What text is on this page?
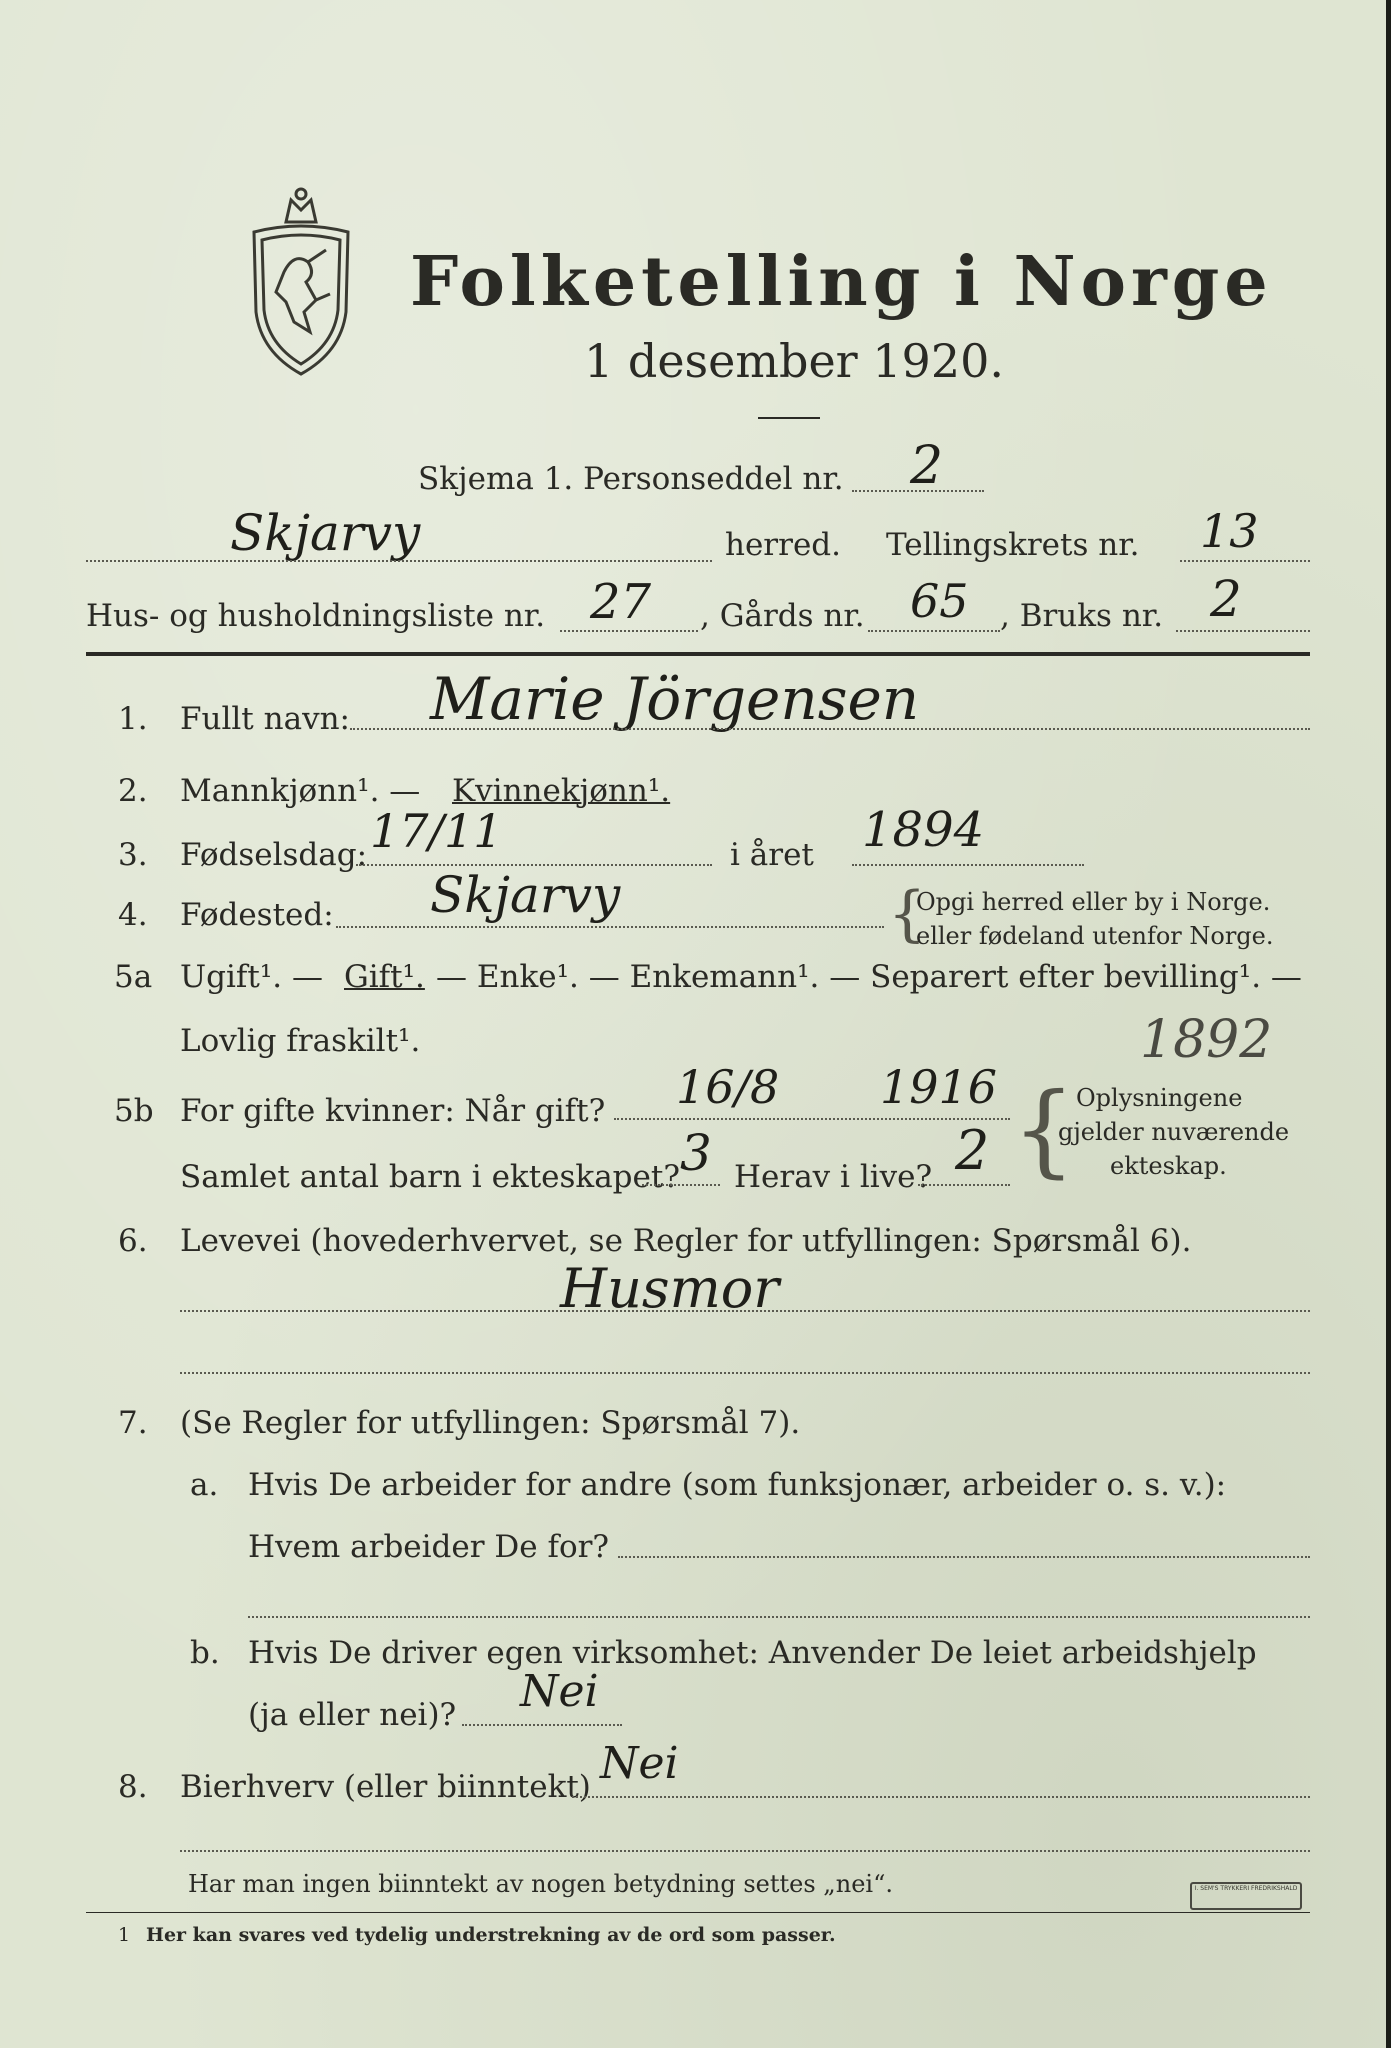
Folketelling i Norge
1 desember 1920.
Skjema 1. Personseddel nr. 2
Skjarvy	herred. Tellingskrets nr. 13
Hus- og husholdningsliste nr. 27 , Gårds nr. 65 , Bruks nr. 2
1. Fullt navn: Marie Jörgensen
2. Mannkjønn¹. — Kvinnekjønn¹.
3. Fødselsdag: 17/11	i året 1894
4. Fødested: Skjarvy	{
Opgi herred eller by i Norge.
eller fødeland utenfor Norge.
5a Ugift¹. — Gift¹. — Enke¹. — Enkemann¹. — Separert efter bevilling¹. —
Lovlig fraskilt¹.	1892
5b For gifte kvinner: Når gift? 16/8 1916
Samlet antal barn i ekteskapet? 3 Herav i live? 2 { Oplysningene
gjelder nuværende
ekteskap.
6. Levevei (hovederhvervet, se Regler for utfyllingen: Spørsmål 6).
Husmor
7. (Se Regler for utfyllingen: Spørsmål 7).
a. Hvis De arbeider for andre (som funksjonær, arbeider o. s. v.):
Hvem arbeider De for?
b. Hvis De driver egen virksomhet: Anvender De leiet arbeidshjelp
(ja eller nei)? Nei
8. Bierhverv (eller biinntekt) Nei
Har man ingen biinntekt av nogen betydning settes „nei“.
1 Her kan svares ved tydelig understrekning av de ord som passer.
I. SEM'S TRYKKERI FREDRIKSHALD
